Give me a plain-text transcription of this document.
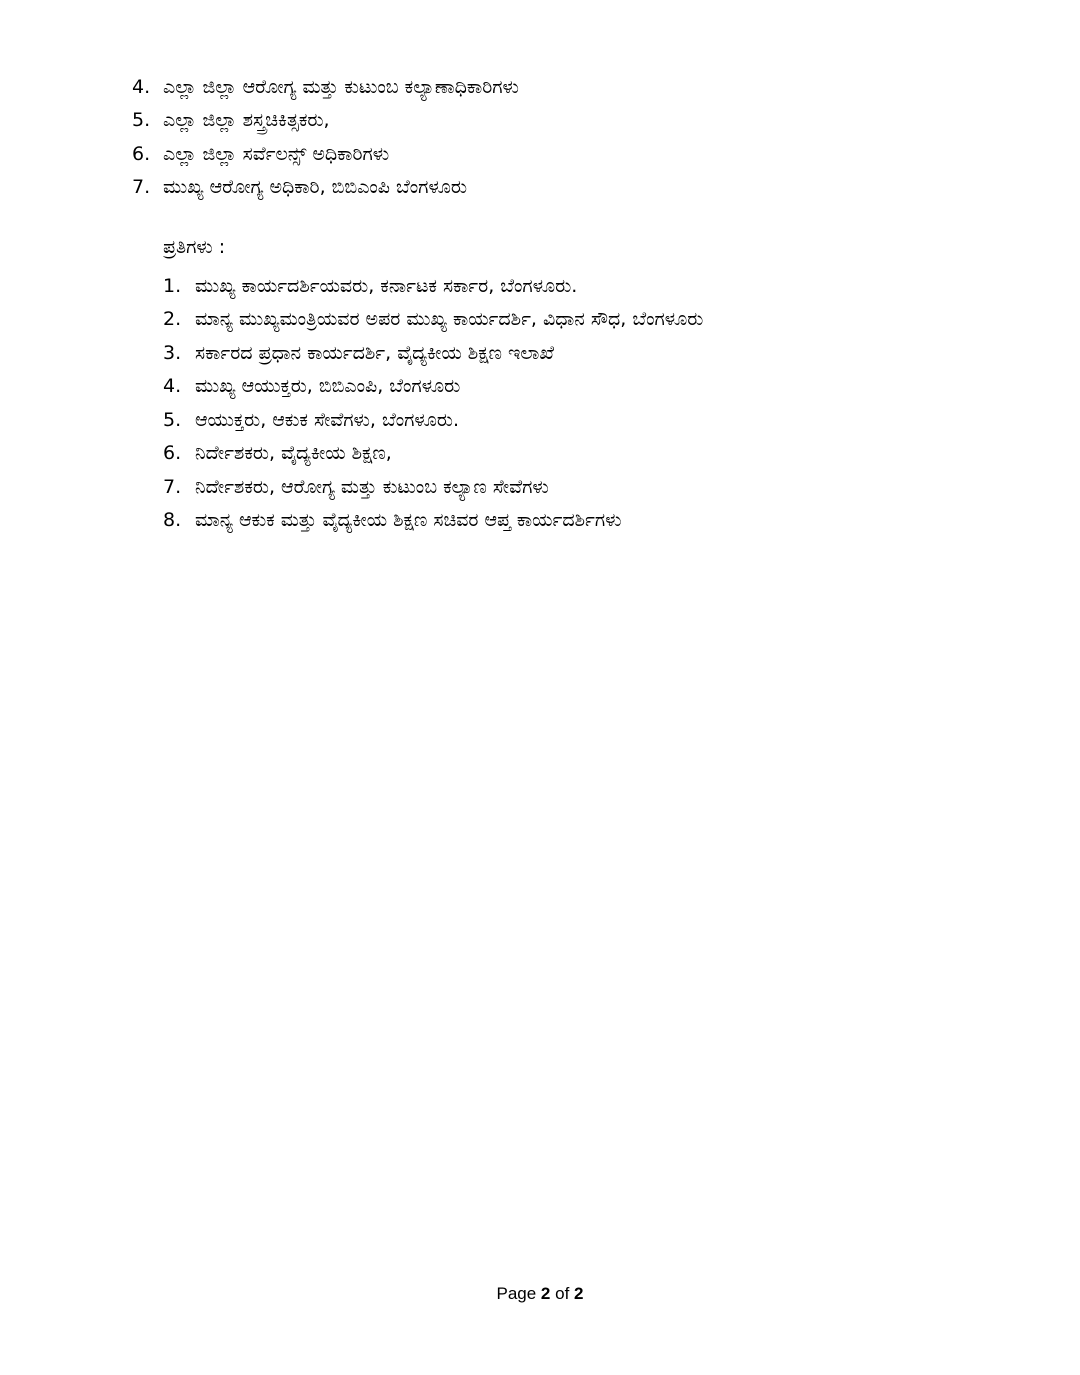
4. ಎಲ್ಲಾ ಜಿಲ್ಲಾ ಆರೋಗ್ಯ ಮತ್ತು ಕುಟುಂಬ ಕಲ್ಯಾಣಾಧಿಕಾರಿಗಳು
5. ಎಲ್ಲಾ ಜಿಲ್ಲಾ ಶಸ್ತ್ರಚಿಕಿತ್ಸಕರು,
6. ಎಲ್ಲಾ ಜಿಲ್ಲಾ ಸರ್ವೆಲನ್ಸ್ ಅಧಿಕಾರಿಗಳು
7. ಮುಖ್ಯ ಆರೋಗ್ಯ ಅಧಿಕಾರಿ, ಬಿಬಿಎಂಪಿ ಬೆಂಗಳೂರು
ಪ್ರತಿಗಳು :
1. ಮುಖ್ಯ ಕಾರ್ಯದರ್ಶಿಯವರು, ಕರ್ನಾಟಕ ಸರ್ಕಾರ, ಬೆಂಗಳೂರು.
2. ಮಾನ್ಯ ಮುಖ್ಯಮಂತ್ರಿಯವರ ಅಪರ ಮುಖ್ಯ ಕಾರ್ಯದರ್ಶಿ, ವಿಧಾನ ಸೌಧ, ಬೆಂಗಳೂರು
3. ಸರ್ಕಾರದ ಪ್ರಧಾನ ಕಾರ್ಯದರ್ಶಿ, ವೈದ್ಯಕೀಯ ಶಿಕ್ಷಣ ಇಲಾಖೆ
4. ಮುಖ್ಯ ಆಯುಕ್ತರು, ಬಿಬಿಎಂಪಿ, ಬೆಂಗಳೂರು
5. ಆಯುಕ್ತರು, ಆಕುಕ ಸೇವೆಗಳು, ಬೆಂಗಳೂರು.
6. ನಿರ್ದೇಶಕರು, ವೈದ್ಯಕೀಯ ಶಿಕ್ಷಣ,
7. ನಿರ್ದೇಶಕರು, ಆರೋಗ್ಯ ಮತ್ತು ಕುಟುಂಬ ಕಲ್ಯಾಣ ಸೇವೆಗಳು
8. ಮಾನ್ಯ ಆಕುಕ ಮತ್ತು ವೈದ್ಯಕೀಯ ಶಿಕ್ಷಣ ಸಚಿವರ ಆಪ್ತ ಕಾರ್ಯದರ್ಶಿಗಳು
Page 2 of 2
